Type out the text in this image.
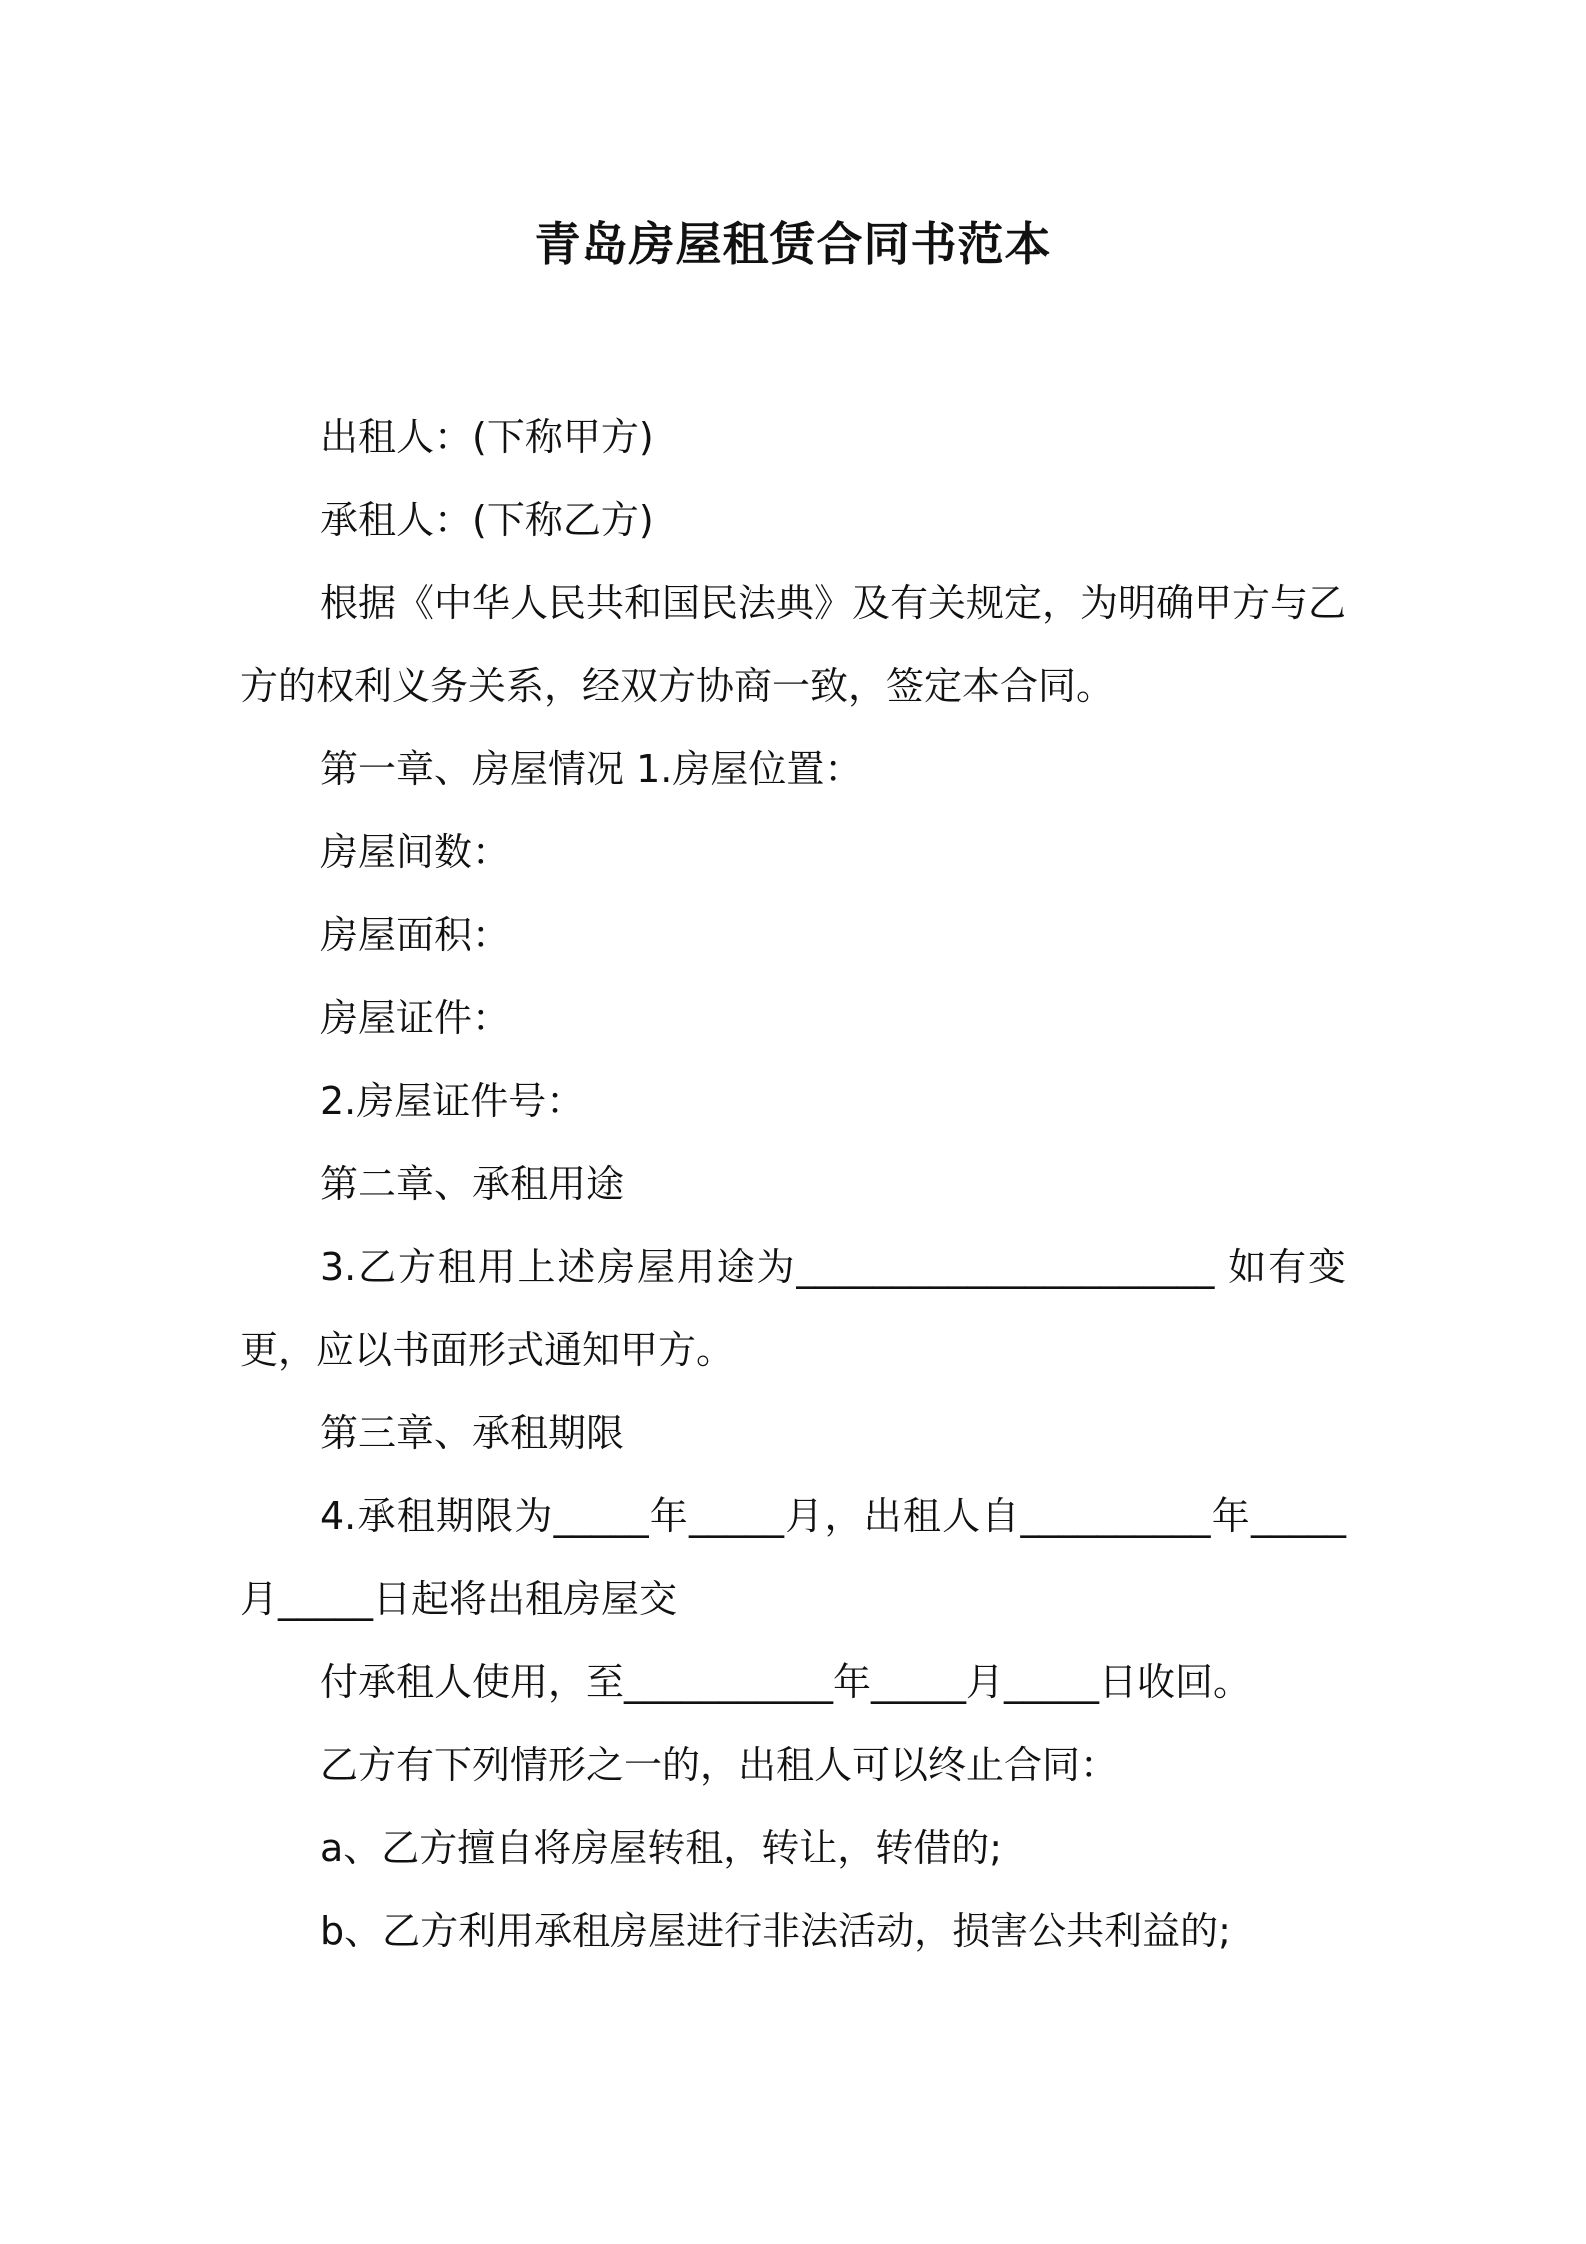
青岛房屋租赁合同书范本

出租人：(下称甲方)

承租人：(下称乙方)

根据《中华人民共和国民法典》及有关规定，为明确甲方与乙方的权利义务关系，经双方协商一致，签定本合同。

第一章、房屋情况 1.房屋位置：

房屋间数：

房屋面积：

房屋证件：

2.房屋证件号：

第二章、承租用途

3.乙方租用上述房屋用途为______________________ 如有变更，应以书面形式通知甲方。

第三章、承租期限

4.承租期限为_____年_____月，出租人自__________年_____月_____日起将出租房屋交

付承租人使用，至___________年_____月_____日收回。

乙方有下列情形之一的，出租人可以终止合同：

a、乙方擅自将房屋转租，转让，转借的;

b、乙方利用承租房屋进行非法活动，损害公共利益的;
